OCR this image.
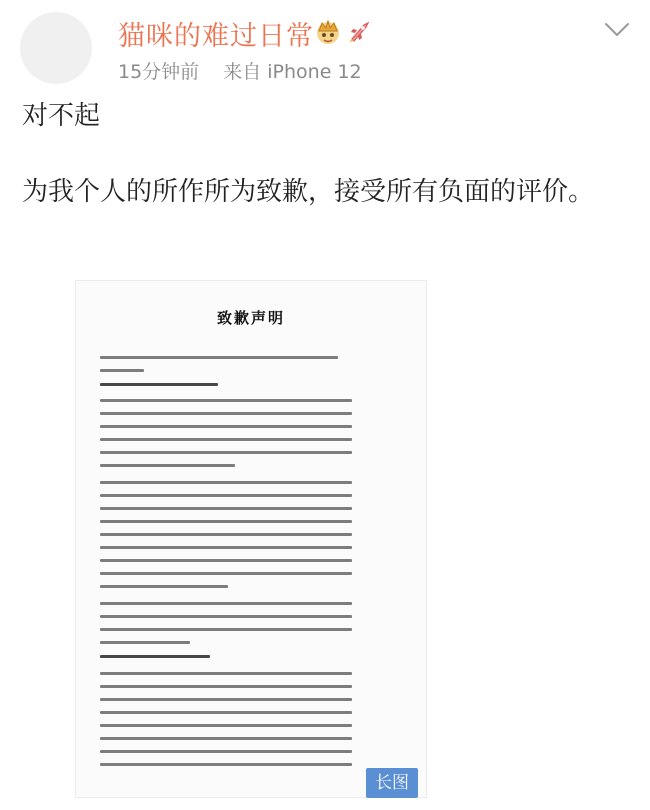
猫咪的难过日常
15分钟前 来自 iPhone 12
对不起
为我个人的所作所为致歉，接受所有负面的评价。
致歉声明
长图
